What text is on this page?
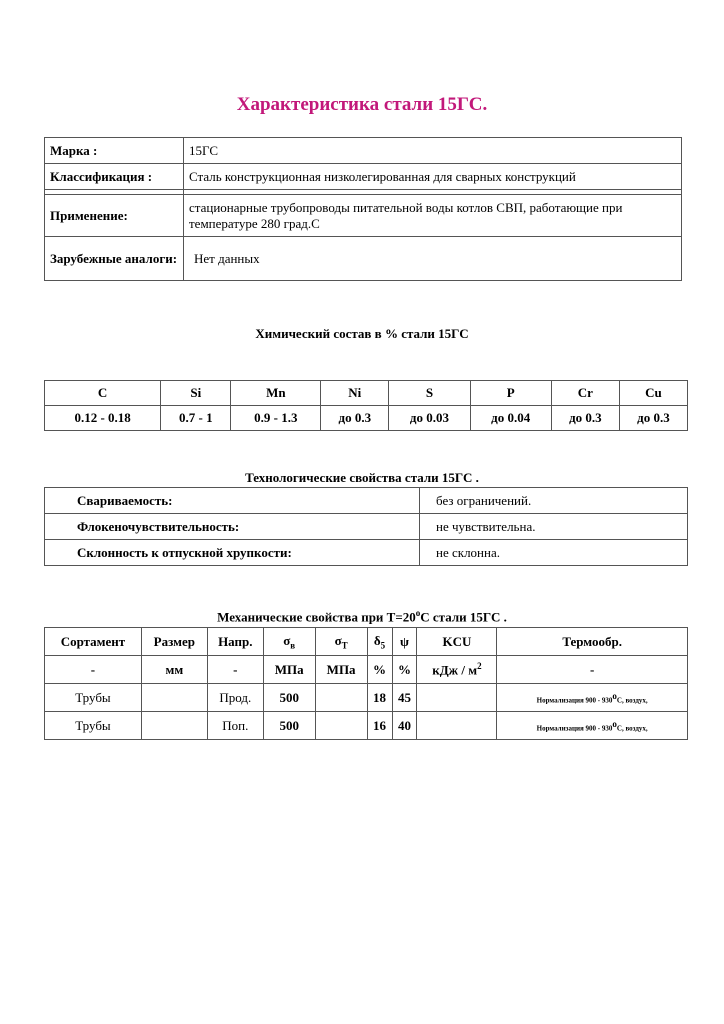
Характеристика стали 15ГС.
Марка :	15ГС
Классификация :	Сталь конструкционная низколегированная для сварных конструкций

Применение:	стационарные трубопроводы питательной воды котлов СВП, работающие при температуре 280 град.С
Зарубежные аналоги:	Нет данных
Химический состав в % стали 15ГС
C	Si	Mn	Ni	S	P	Cr	Cu
0.12 - 0.18	0.7 - 1	0.9 - 1.3	до 0.3	до 0.03	до 0.04	до 0.3	до 0.3
Технологические свойства стали 15ГС .
Свариваемость:	без ограничений.
Флокеночувствительность:	не чувствительна.
Склонность к отпускной хрупкости:	не склонна.
Механические свойства при $Т=20^oС$ стали 15ГС .
Сортамент	Размер	Напр.	$\sigma_в$	$\sigma_T$	$\delta_5$	ψ	KCU	Термообр.
-	мм	-	МПа	МПа	%	%	кДж / $м^2$	-
Трубы		Прод.	500		18	45		Нормализация 900 - 930$^o$C, воздух,
Трубы		Поп.	500		16	40		Нормализация 900 - 930$^o$C, воздух,
